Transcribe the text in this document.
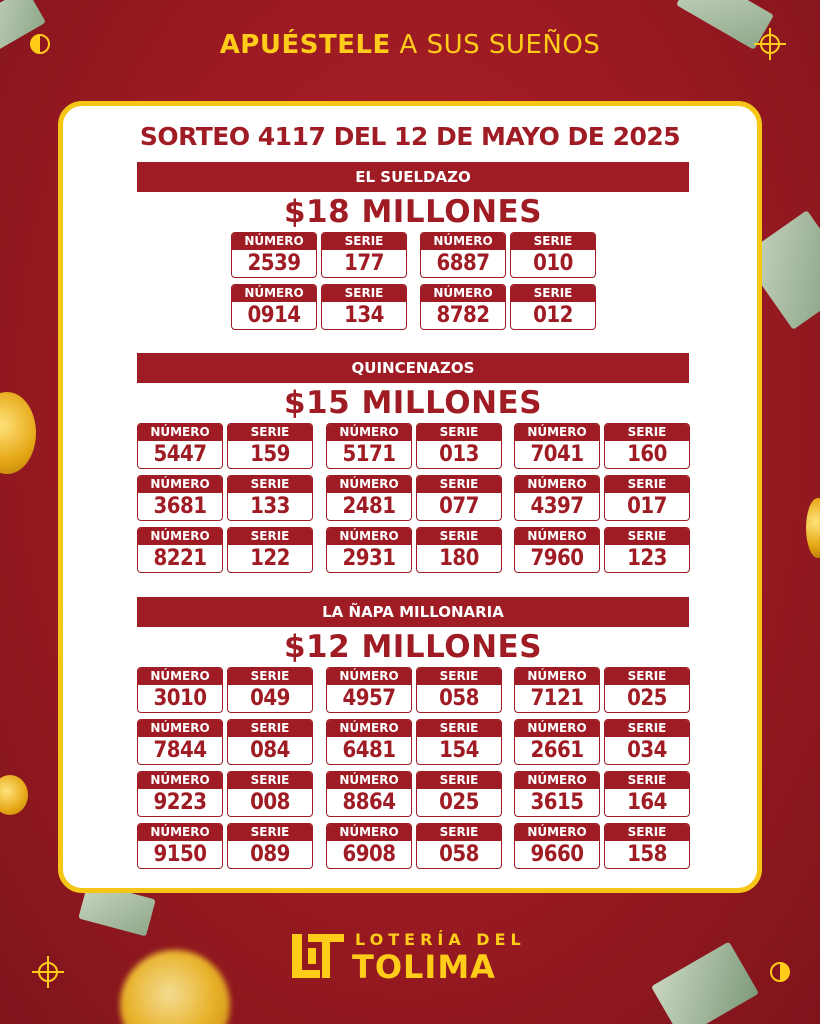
APUÉSTELE A SUS SUEÑOS
SORTEO 4117 DEL 12 DE MAYO DE 2025
EL SUELDAZO
$18 MILLONES
NÚMERO
2539
SERIE
177
NÚMERO
6887
SERIE
010
NÚMERO
0914
SERIE
134
NÚMERO
8782
SERIE
012
QUINCENAZOS
$15 MILLONES
NÚMERO
5447
SERIE
159
NÚMERO
5171
SERIE
013
NÚMERO
7041
SERIE
160
NÚMERO
3681
SERIE
133
NÚMERO
2481
SERIE
077
NÚMERO
4397
SERIE
017
NÚMERO
8221
SERIE
122
NÚMERO
2931
SERIE
180
NÚMERO
7960
SERIE
123
LA ÑAPA MILLONARIA
$12 MILLONES
NÚMERO
3010
SERIE
049
NÚMERO
4957
SERIE
058
NÚMERO
7121
SERIE
025
NÚMERO
7844
SERIE
084
NÚMERO
6481
SERIE
154
NÚMERO
2661
SERIE
034
NÚMERO
9223
SERIE
008
NÚMERO
8864
SERIE
025
NÚMERO
3615
SERIE
164
NÚMERO
9150
SERIE
089
NÚMERO
6908
SERIE
058
NÚMERO
9660
SERIE
158
LOTERÍA DEL
TOLIMA
